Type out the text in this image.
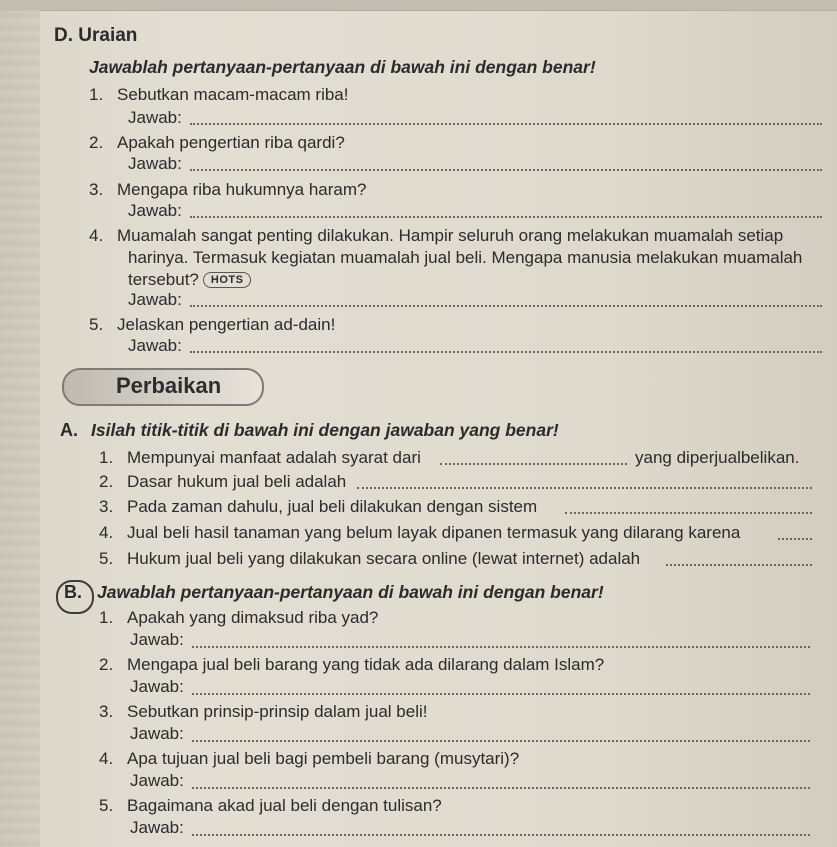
D. Uraian
Jawablah pertanyaan-pertanyaan di bawah ini dengan benar!
1. Sebutkan macam-macam riba!
Jawab:
2. Apakah pengertian riba qardi?
Jawab:
3. Mengapa riba hukumnya haram?
Jawab:
4. Muamalah sangat penting dilakukan. Hampir seluruh orang melakukan muamalah setiap
harinya. Termasuk kegiatan muamalah jual beli. Mengapa manusia melakukan muamalah
tersebut? HOTS
Jawab:
5. Jelaskan pengertian ad-dain!
Jawab:
Perbaikan
A. Isilah titik-titik di bawah ini dengan jawaban yang benar!
1. Mempunyai manfaat adalah syarat dari	yang diperjualbelikan.
2. Dasar hukum jual beli adalah
3. Pada zaman dahulu, jual beli dilakukan dengan sistem
4. Jual beli hasil tanaman yang belum layak dipanen termasuk yang dilarang karena
5. Hukum jual beli yang dilakukan secara online (lewat internet) adalah
B. Jawablah pertanyaan-pertanyaan di bawah ini dengan benar!
1. Apakah yang dimaksud riba yad?
Jawab:
2. Mengapa jual beli barang yang tidak ada dilarang dalam Islam?
Jawab:
3. Sebutkan prinsip-prinsip dalam jual beli!
Jawab:
4. Apa tujuan jual beli bagi pembeli barang (musytari)?
Jawab:
5. Bagaimana akad jual beli dengan tulisan?
Jawab:
